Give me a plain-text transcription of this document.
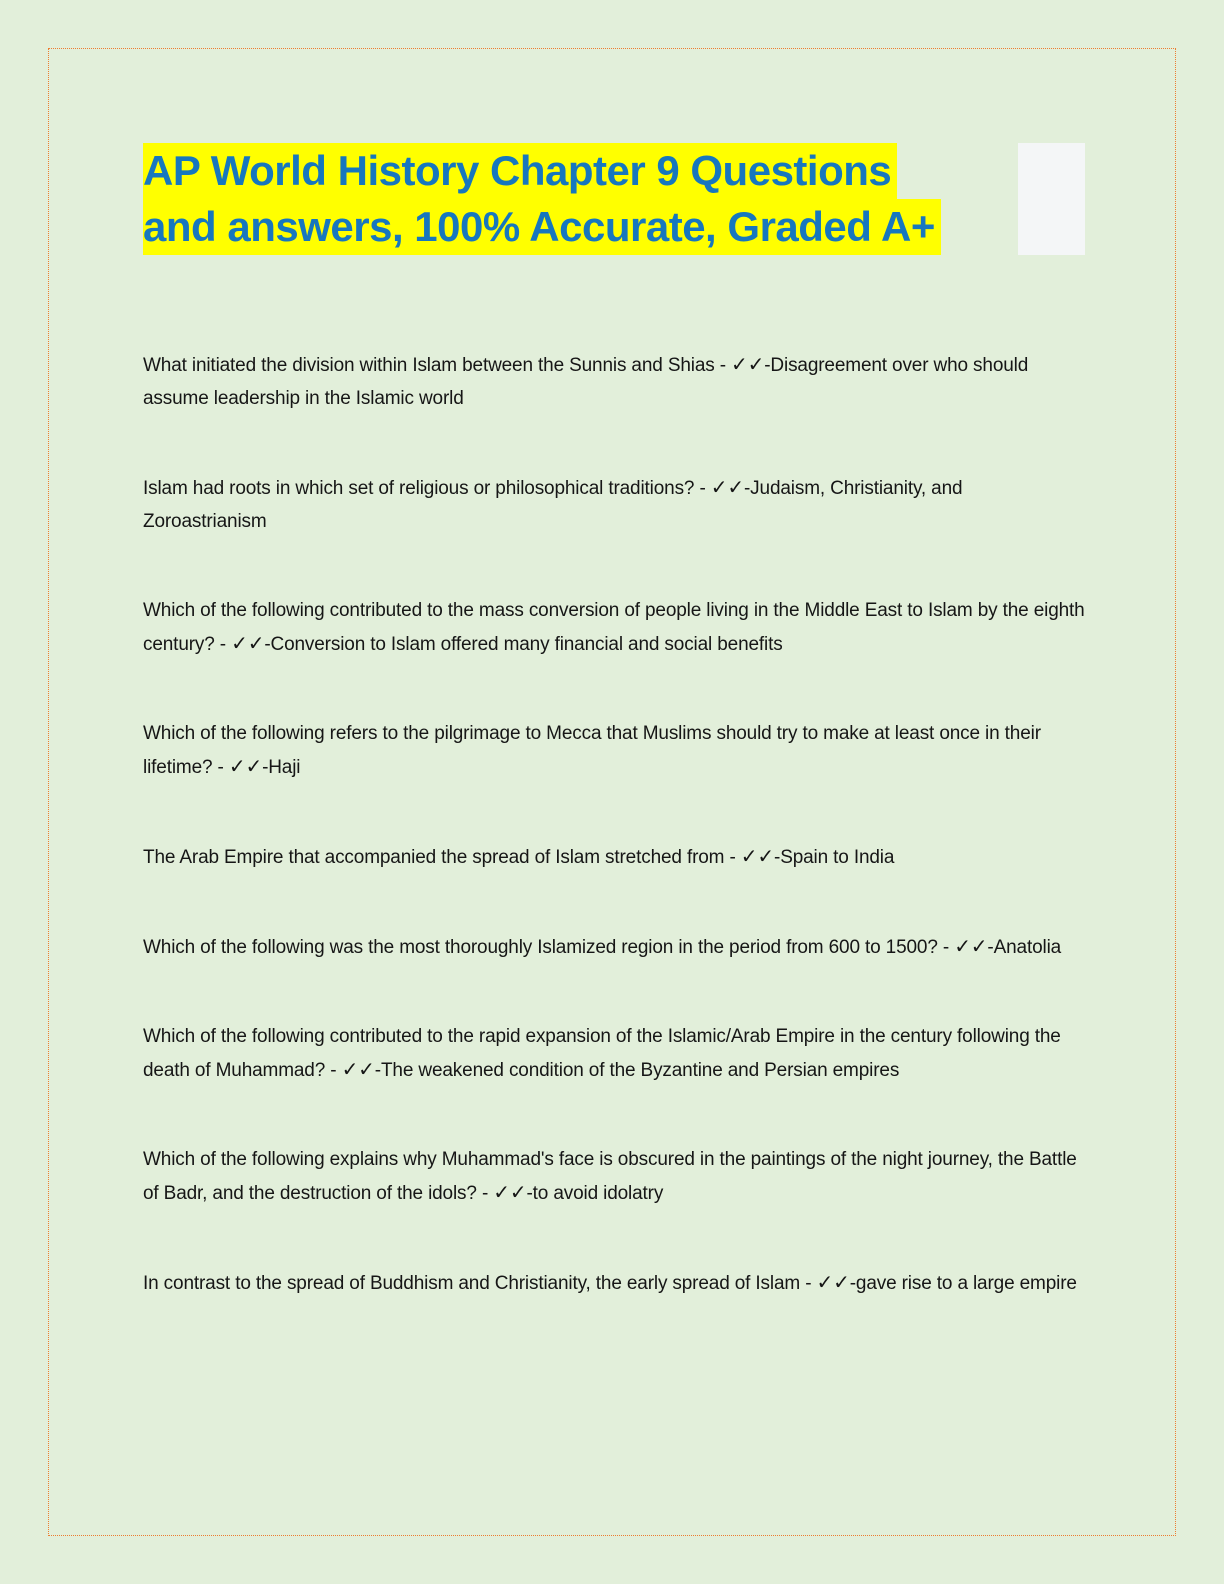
AP World History Chapter 9 Questions
and answers, 100% Accurate, Graded A+

What initiated the division within Islam between the Sunnis and Shias - ✓✓-Disagreement over who should assume leadership in the Islamic world

Islam had roots in which set of religious or philosophical traditions? - ✓✓-Judaism, Christianity, and Zoroastrianism

Which of the following contributed to the mass conversion of people living in the Middle East to Islam by the eighth century? - ✓✓-Conversion to Islam offered many financial and social benefits

Which of the following refers to the pilgrimage to Mecca that Muslims should try to make at least once in their lifetime? - ✓✓-Haji

The Arab Empire that accompanied the spread of Islam stretched from - ✓✓-Spain to India

Which of the following was the most thoroughly Islamized region in the period from 600 to 1500? - ✓✓-Anatolia

Which of the following contributed to the rapid expansion of the Islamic/Arab Empire in the century following the death of Muhammad? - ✓✓-The weakened condition of the Byzantine and Persian empires

Which of the following explains why Muhammad's face is obscured in the paintings of the night journey, the Battle of Badr, and the destruction of the idols? - ✓✓-to avoid idolatry

In contrast to the spread of Buddhism and Christianity, the early spread of Islam - ✓✓-gave rise to a large empire
